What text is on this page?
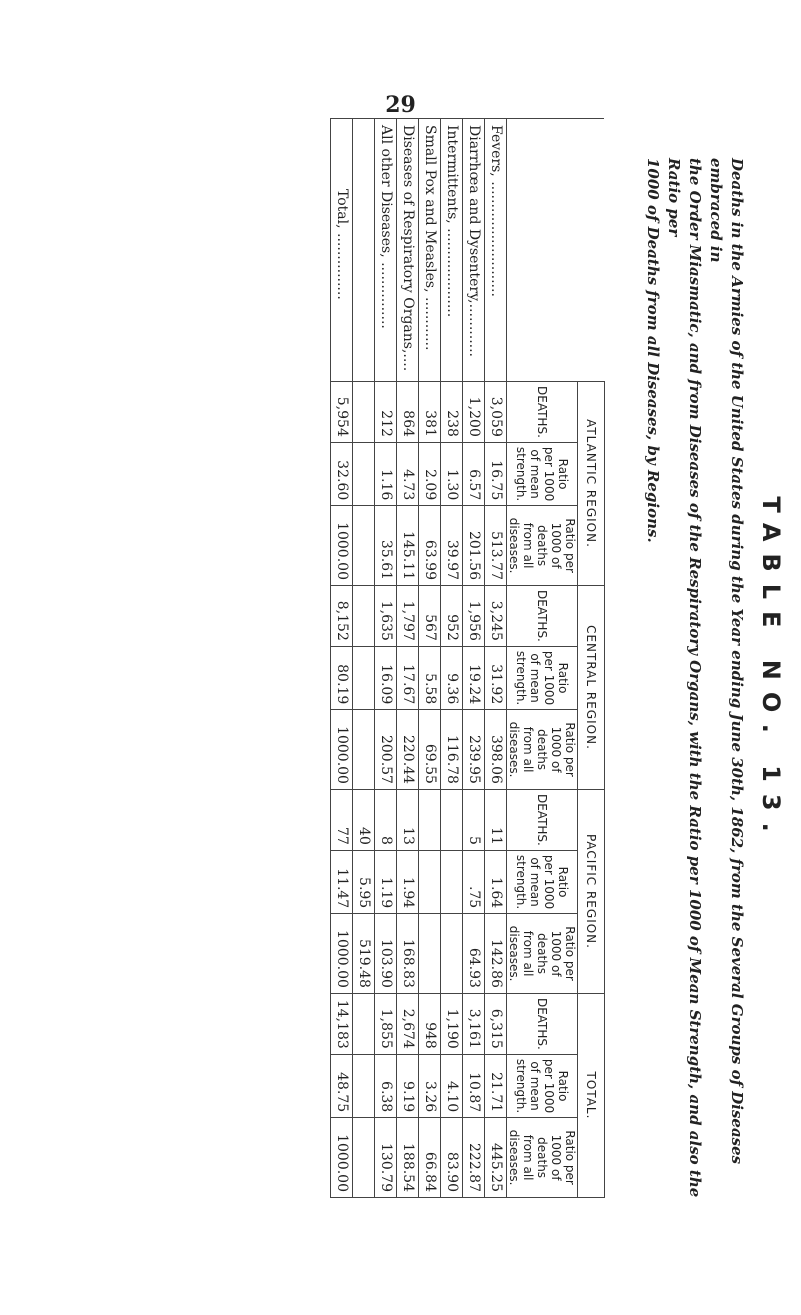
29

TABLE NO. 13.

Deaths in the Armies of the United States during the Year ending June 30th, 1862, from the Several Groups of Diseases embraced in
the Order Miasmatic, and from Diseases of the Respiratory Organs, with the Ratio per 1000 of Mean Strength, and also the Ratio per
1000 of Deaths from all Diseases, by Regions.

	ATLANTIC REGION.			CENTRAL REGION.			PACIFIC REGION.			TOTAL.		
	DEATHS.	Ratio per 1000 of mean strength.	Ratio per 1000 of deaths from all diseases.	DEATHS.	Ratio per 1000 of mean strength.	Ratio per 1000 of deaths from all diseases.	DEATHS.	Ratio per 1000 of mean strength.	Ratio per 1000 of deaths from all diseases.	DEATHS.	Ratio per 1000 of mean strength.	Ratio per 1000 of deaths from all diseases.
Fevers, ..........................	3,059	16.75	513.77	3,245	31.92	398.06	11	1.64	142.86	6,315	21.71	445.25
Diarrhœa and Dysentery,............	1,200	6.57	201.56	1,956	19.24	239.95	5	.75	64.93	3,161	10.87	222.87
Intermittents, ....................	238	1.30	39.97	952	9.36	116.78				1,190	4.10	83.90
Small Pox and Measles, ............	381	2.09	63.99	567	5.58	69.55				948	3.26	66.84
Diseases of Respiratory Organs,....	864	4.73	145.11	1,797	17.67	220.44	13	1.94	168.83	2,674	9.19	188.54
All other Diseases, ...............	212	1.16	35.61	1,635	16.09	200.57	8	1.19	103.90	1,855	6.38	130.79
							40	5.95	519.48			
Total, ...............	5,954	32.60	1000.00	8,152	80.19	1000.00	77	11.47	1000.00	14,183	48.75	1000.00
